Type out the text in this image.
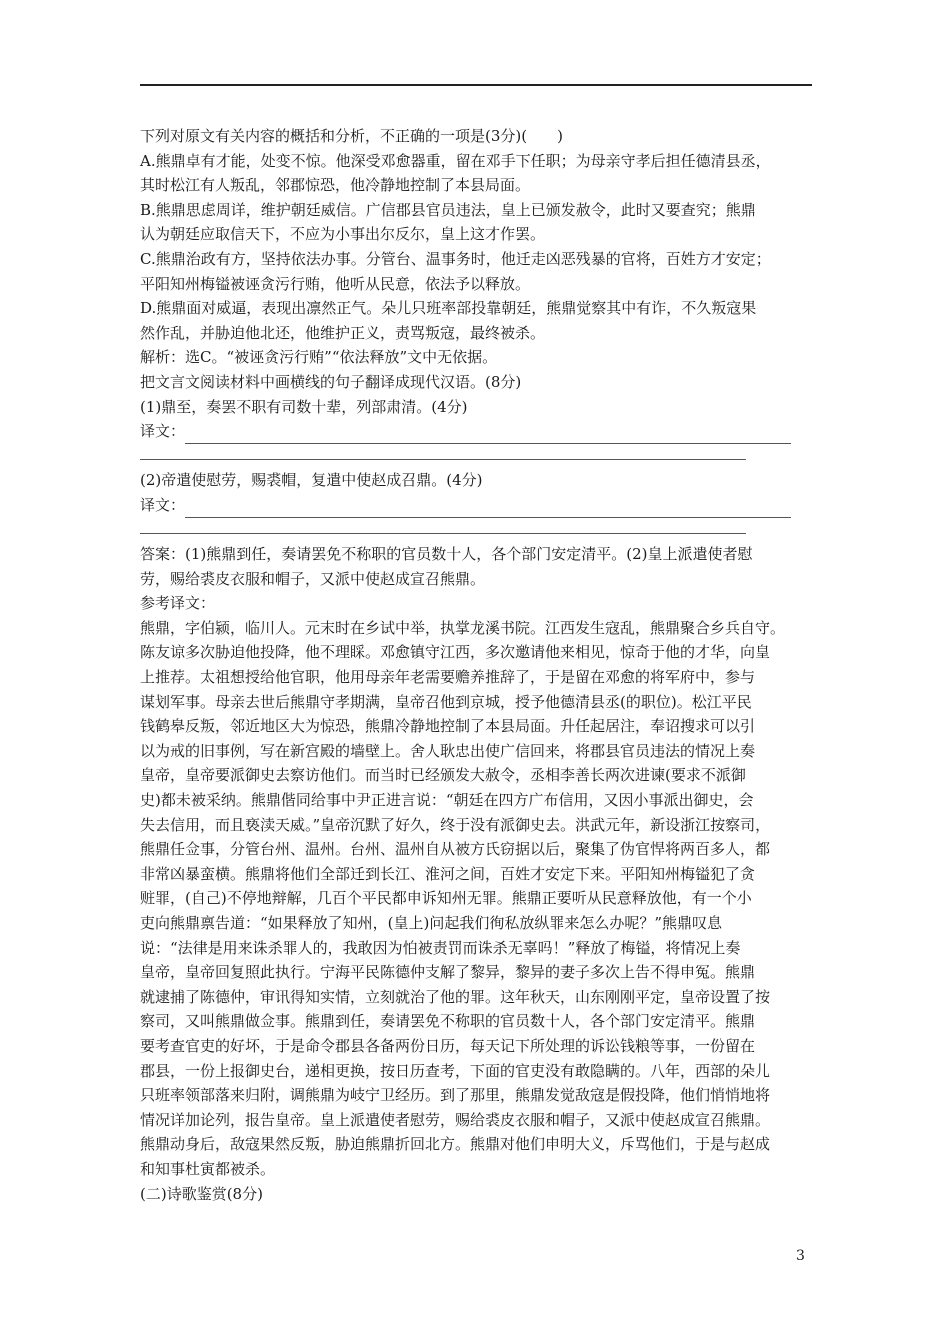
下列对原文有关内容的概括和分析，不正确的一项是(3分)(　　)
A.熊鼎卓有才能，处变不惊。他深受邓愈器重，留在邓手下任职；为母亲守孝后担任德清县丞，
其时松江有人叛乱，邻郡惊恐，他冷静地控制了本县局面。
B.熊鼎思虑周详，维护朝廷威信。广信郡县官员违法，皇上已颁发赦令，此时又要查究；熊鼎
认为朝廷应取信天下，不应为小事出尔反尔，皇上这才作罢。
C.熊鼎治政有方，坚持依法办事。分管台、温事务时，他迁走凶恶残暴的官将，百姓方才安定；
平阳知州梅镒被诬贪污行贿，他听从民意，依法予以释放。
D.熊鼎面对威逼，表现出凛然正气。朵儿只班率部投靠朝廷，熊鼎觉察其中有诈，不久叛寇果
然作乱，并胁迫他北还，他维护正义，责骂叛寇，最终被杀。
解析：选C。“被诬贪污行贿”“依法释放”文中无依据。
把文言文阅读材料中画横线的句子翻译成现代汉语。(8分)
(1)鼎至，奏罢不职有司数十辈，列部肃清。(4分)
译文：
(2)帝遣使慰劳，赐裘帽，复遣中使赵成召鼎。(4分)
译文：
答案：(1)熊鼎到任，奏请罢免不称职的官员数十人，各个部门安定清平。(2)皇上派遣使者慰
劳，赐给裘皮衣服和帽子，又派中使赵成宣召熊鼎。
参考译文：
熊鼎，字伯颍，临川人。元末时在乡试中举，执掌龙溪书院。江西发生寇乱，熊鼎聚合乡兵自守。
陈友谅多次胁迫他投降，他不理睬。邓愈镇守江西，多次邀请他来相见，惊奇于他的才华，向皇
上推荐。太祖想授给他官职，他用母亲年老需要赡养推辞了，于是留在邓愈的将军府中，参与
谋划军事。母亲去世后熊鼎守孝期满，皇帝召他到京城，授予他德清县丞(的职位)。松江平民
钱鹤皋反叛，邻近地区大为惊恐，熊鼎冷静地控制了本县局面。升任起居注，奉诏搜求可以引
以为戒的旧事例，写在新宫殿的墙壁上。舍人耿忠出使广信回来，将郡县官员违法的情况上奏
皇帝，皇帝要派御史去察访他们。而当时已经颁发大赦令，丞相李善长两次进谏(要求不派御
史)都未被采纳。熊鼎偕同给事中尹正进言说：“朝廷在四方广布信用，又因小事派出御史，会
失去信用，而且亵渎天威。”皇帝沉默了好久，终于没有派御史去。洪武元年，新设浙江按察司，
熊鼎任佥事，分管台州、温州。台州、温州自从被方氏窃据以后，聚集了伪官悍将两百多人，都
非常凶暴蛮横。熊鼎将他们全部迁到长江、淮河之间，百姓才安定下来。平阳知州梅镒犯了贪
赃罪，(自己)不停地辩解，几百个平民都申诉知州无罪。熊鼎正要听从民意释放他，有一个小
吏向熊鼎禀告道：“如果释放了知州，(皇上)问起我们徇私放纵罪来怎么办呢？”熊鼎叹息
说：“法律是用来诛杀罪人的，我敢因为怕被责罚而诛杀无辜吗！”释放了梅镒，将情况上奏
皇帝，皇帝回复照此执行。宁海平民陈德仲支解了黎异，黎异的妻子多次上告不得申冤。熊鼎
就逮捕了陈德仲，审讯得知实情，立刻就治了他的罪。这年秋天，山东刚刚平定，皇帝设置了按
察司，又叫熊鼎做佥事。熊鼎到任，奏请罢免不称职的官员数十人，各个部门安定清平。熊鼎
要考查官吏的好坏，于是命令郡县各备两份日历，每天记下所处理的诉讼钱粮等事，一份留在
郡县，一份上报御史台，递相更换，按日历查考，下面的官吏没有敢隐瞒的。八年，西部的朵儿
只班率领部落来归附，调熊鼎为岐宁卫经历。到了那里，熊鼎发觉敌寇是假投降，他们悄悄地将
情况详加论列，报告皇帝。皇上派遣使者慰劳，赐给裘皮衣服和帽子，又派中使赵成宣召熊鼎。
熊鼎动身后，敌寇果然反叛，胁迫熊鼎折回北方。熊鼎对他们申明大义，斥骂他们，于是与赵成
和知事杜寅都被杀。
(二)诗歌鉴赏(8分)
3
